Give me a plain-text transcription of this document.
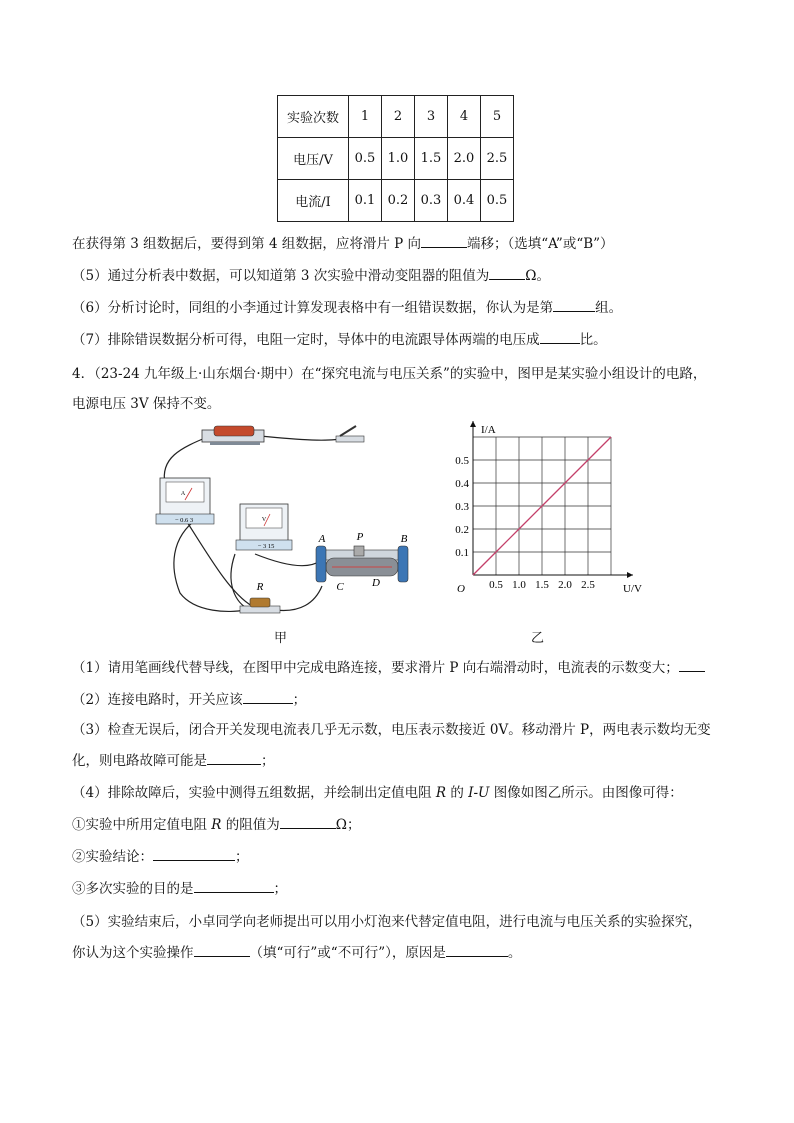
实验次数	1	2	3	4	5
电压/V	0.5	1.0	1.5	2.0	2.5
电流/I	0.1	0.2	0.3	0.4	0.5
在获得第 3 组数据后，要得到第 4 组数据，应将滑片 P 向	端移；（选填“A”或“B”）
（5）通过分析表中数据，可以知道第 3 次实验中滑动变阻器的阻值为	Ω。
（6）分析讨论时，同组的小李通过计算发现表格中有一组错误数据，你认为是第	组。
（7）排除错误数据分析可得，电阻一定时，导体中的电流跟导体两端的电压成	比。
4．（23-24 九年级上·山东烟台·期中）在“探究电流与电压关系”的实验中，图甲是某实验小组设计的电路，
电源电压 3V 保持不变。
A
− 0.6 3	V
− 3 15
R
A	P	B
C	D
甲
0.5 1.0 1.5 2.0 2.5
0.1
0.2
0.3
0.4
0.5
O	U/V
I/A
乙
（1）请用笔画线代替导线，在图甲中完成电路连接，要求滑片 P 向右端滑动时，电流表的示数变大；
（2）连接电路时，开关应该	；
（3）检查无误后，闭合开关发现电流表几乎无示数，电压表示数接近 0V。移动滑片 P，两电表示数均无变
化，则电路故障可能是	；
（4）排除故障后，实验中测得五组数据，并绘制出定值电阻 R 的 I-U 图像如图乙所示。由图像可得：
①实验中所用定值电阻 R 的阻值为	Ω；
②实验结论：	；
③多次实验的目的是	；
（5）实验结束后，小卓同学向老师提出可以用小灯泡来代替定值电阻，进行电流与电压关系的实验探究，
你认为这个实验操作	（填“可行”或“不可行”），原因是	。
